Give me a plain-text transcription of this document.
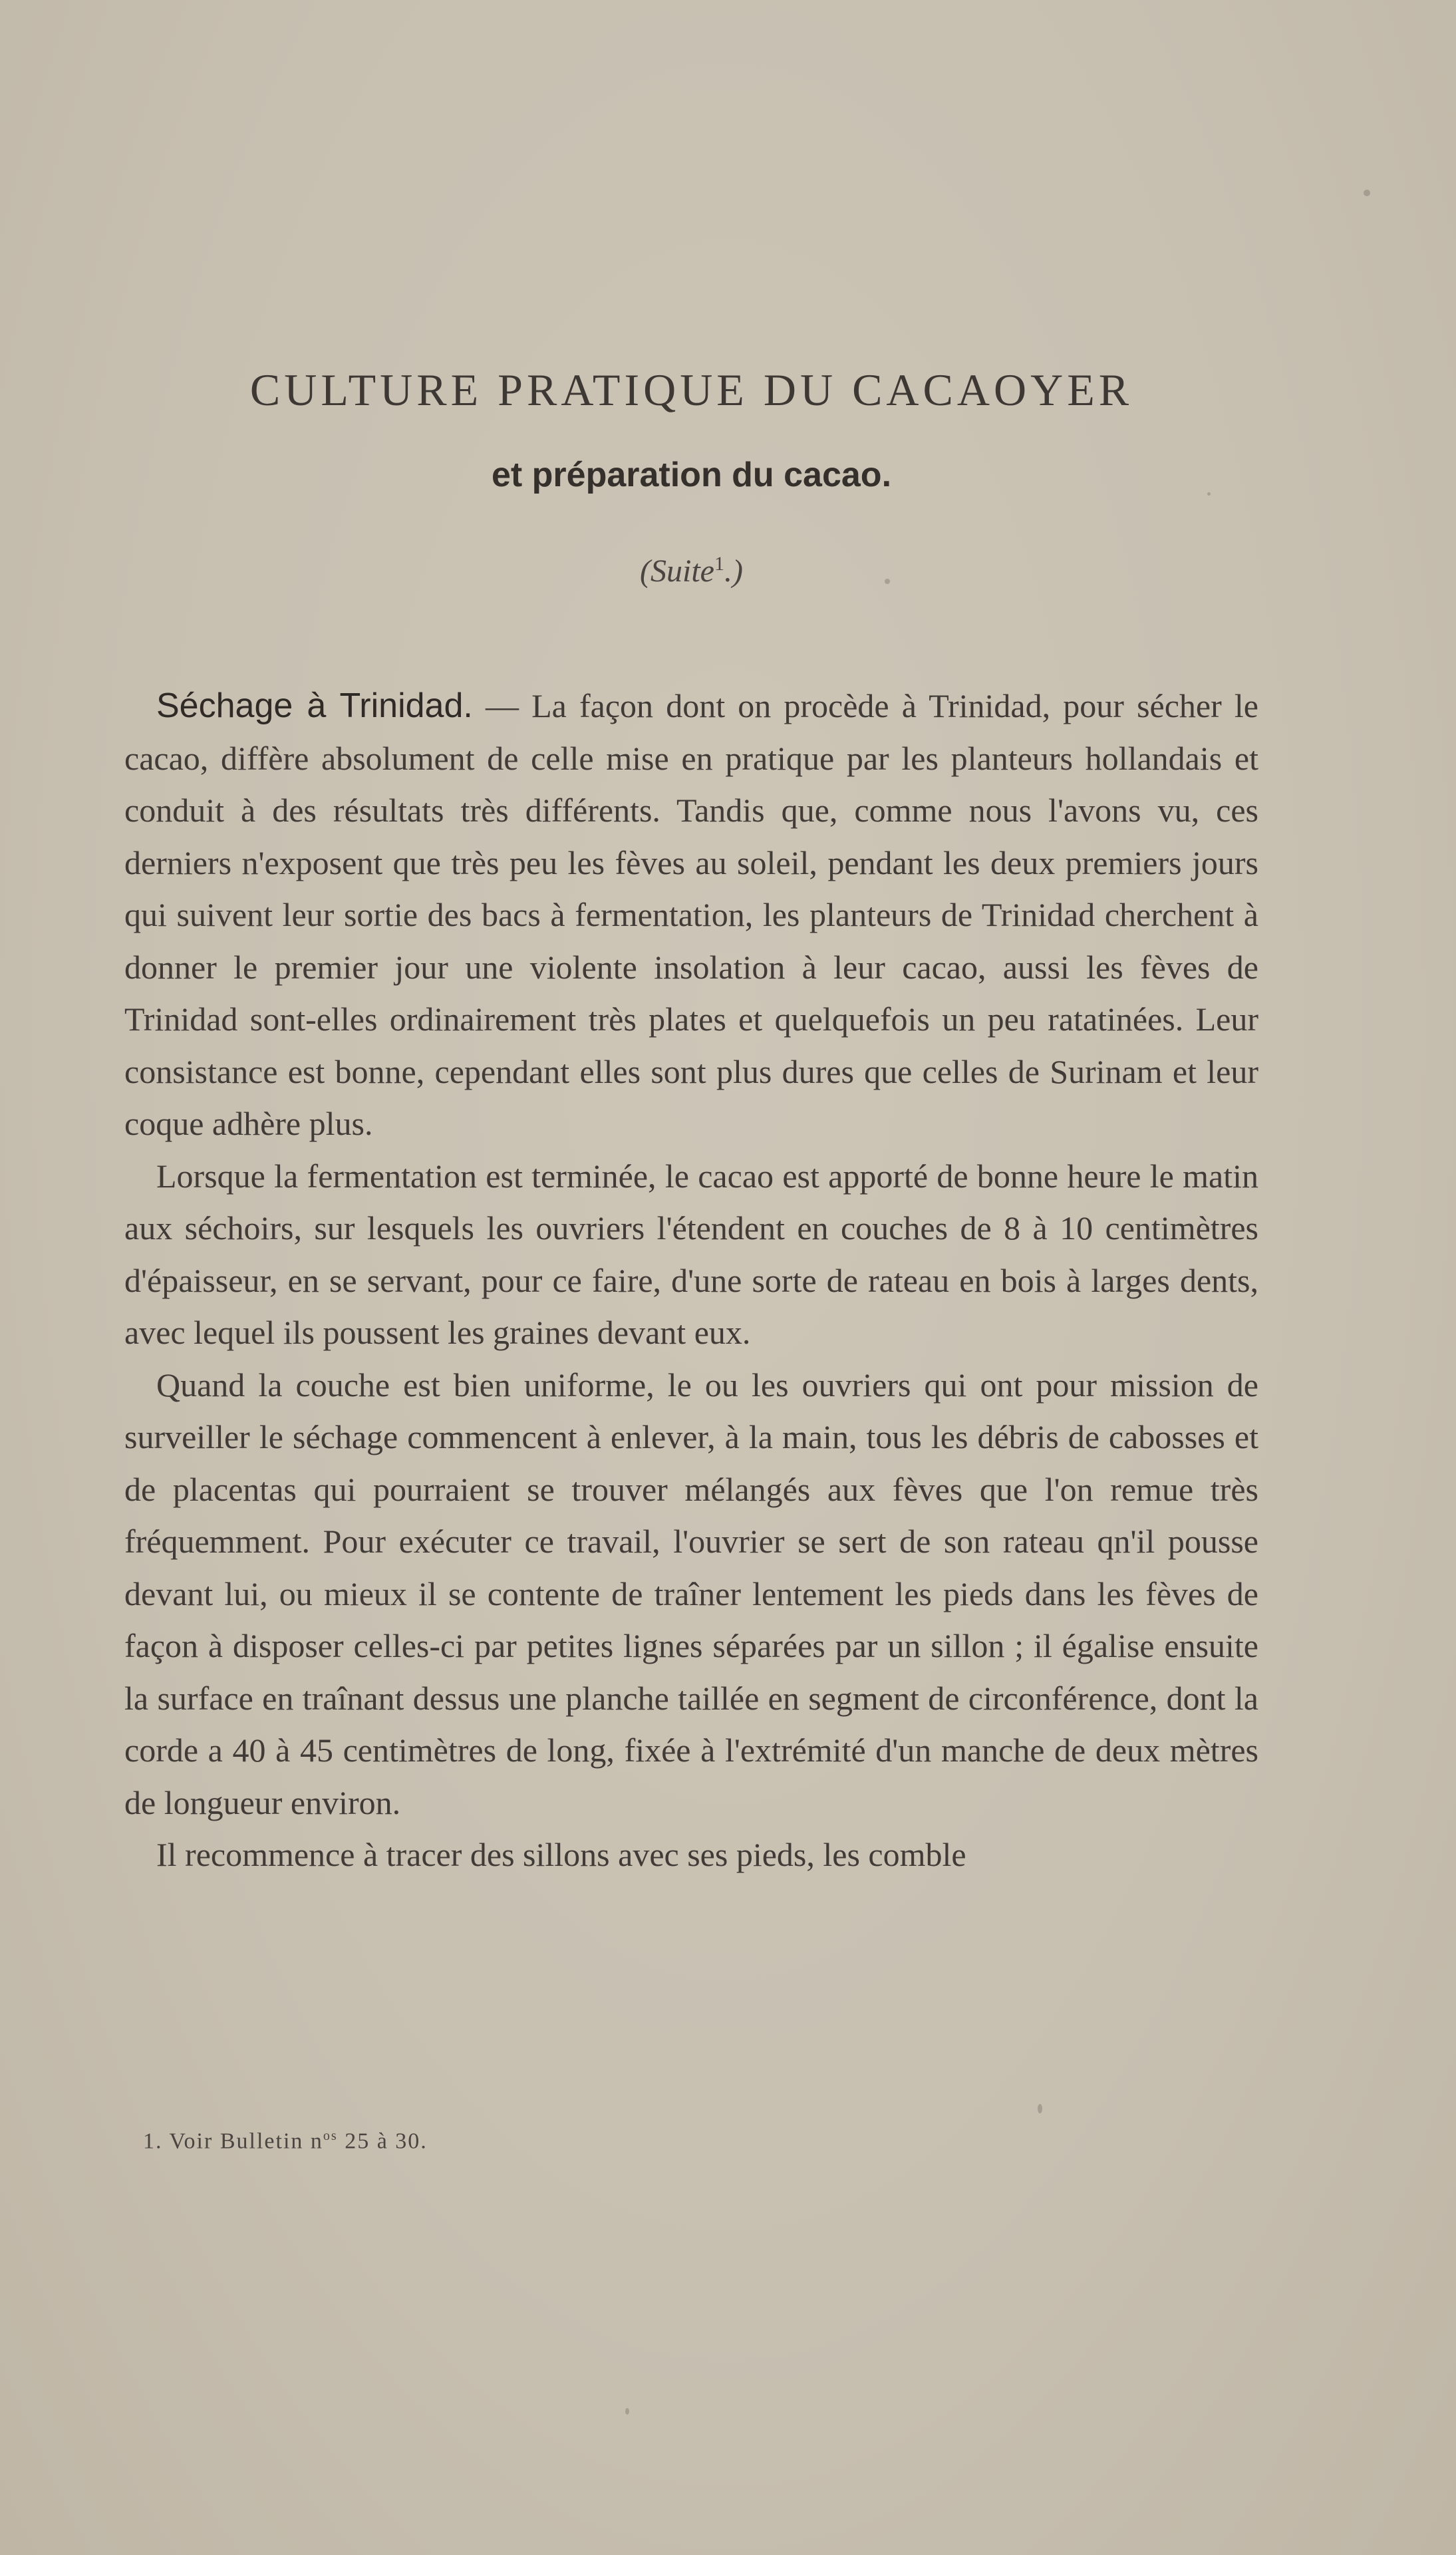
CULTURE PRATIQUE DU CACAOYER
et préparation du cacao.
(Suite$^1$.)

Séchage à Trinidad. — La façon dont on procède à Trinidad, pour sécher le cacao, diffère absolument de celle mise en pratique par les planteurs hollandais et conduit à des résultats très différents. Tandis que, comme nous l'avons vu, ces derniers n'exposent que très peu les fèves au soleil, pendant les deux premiers jours qui suivent leur sortie des bacs à fermentation, les planteurs de Trinidad cherchent à donner le premier jour une violente insolation à leur cacao, aussi les fèves de Trinidad sont-elles ordinairement très plates et quelquefois un peu ratatinées. Leur consistance est bonne, cependant elles sont plus dures que celles de Surinam et leur coque adhère plus.

Lorsque la fermentation est terminée, le cacao est apporté de bonne heure le matin aux séchoirs, sur lesquels les ouvriers l'étendent en couches de 8 à 10 centimètres d'épaisseur, en se servant, pour ce faire, d'une sorte de rateau en bois à larges dents, avec lequel ils poussent les graines devant eux.

Quand la couche est bien uniforme, le ou les ouvriers qui ont pour mission de surveiller le séchage commencent à enlever, à la main, tous les débris de cabosses et de placentas qui pourraient se trouver mélangés aux fèves que l'on remue très fréquemment. Pour exécuter ce travail, l'ouvrier se sert de son rateau qn'il pousse devant lui, ou mieux il se contente de traîner lentement les pieds dans les fèves de façon à disposer celles-ci par petites lignes séparées par un sillon ; il égalise ensuite la surface en traînant dessus une planche taillée en segment de circonférence, dont la corde a 40 à 45 centimètres de long, fixée à l'extrémité d'un manche de deux mètres de longueur environ.

Il recommence à tracer des sillons avec ses pieds, les comble

1. Voir Bulletin $n^{os}$ 25 à 30.
